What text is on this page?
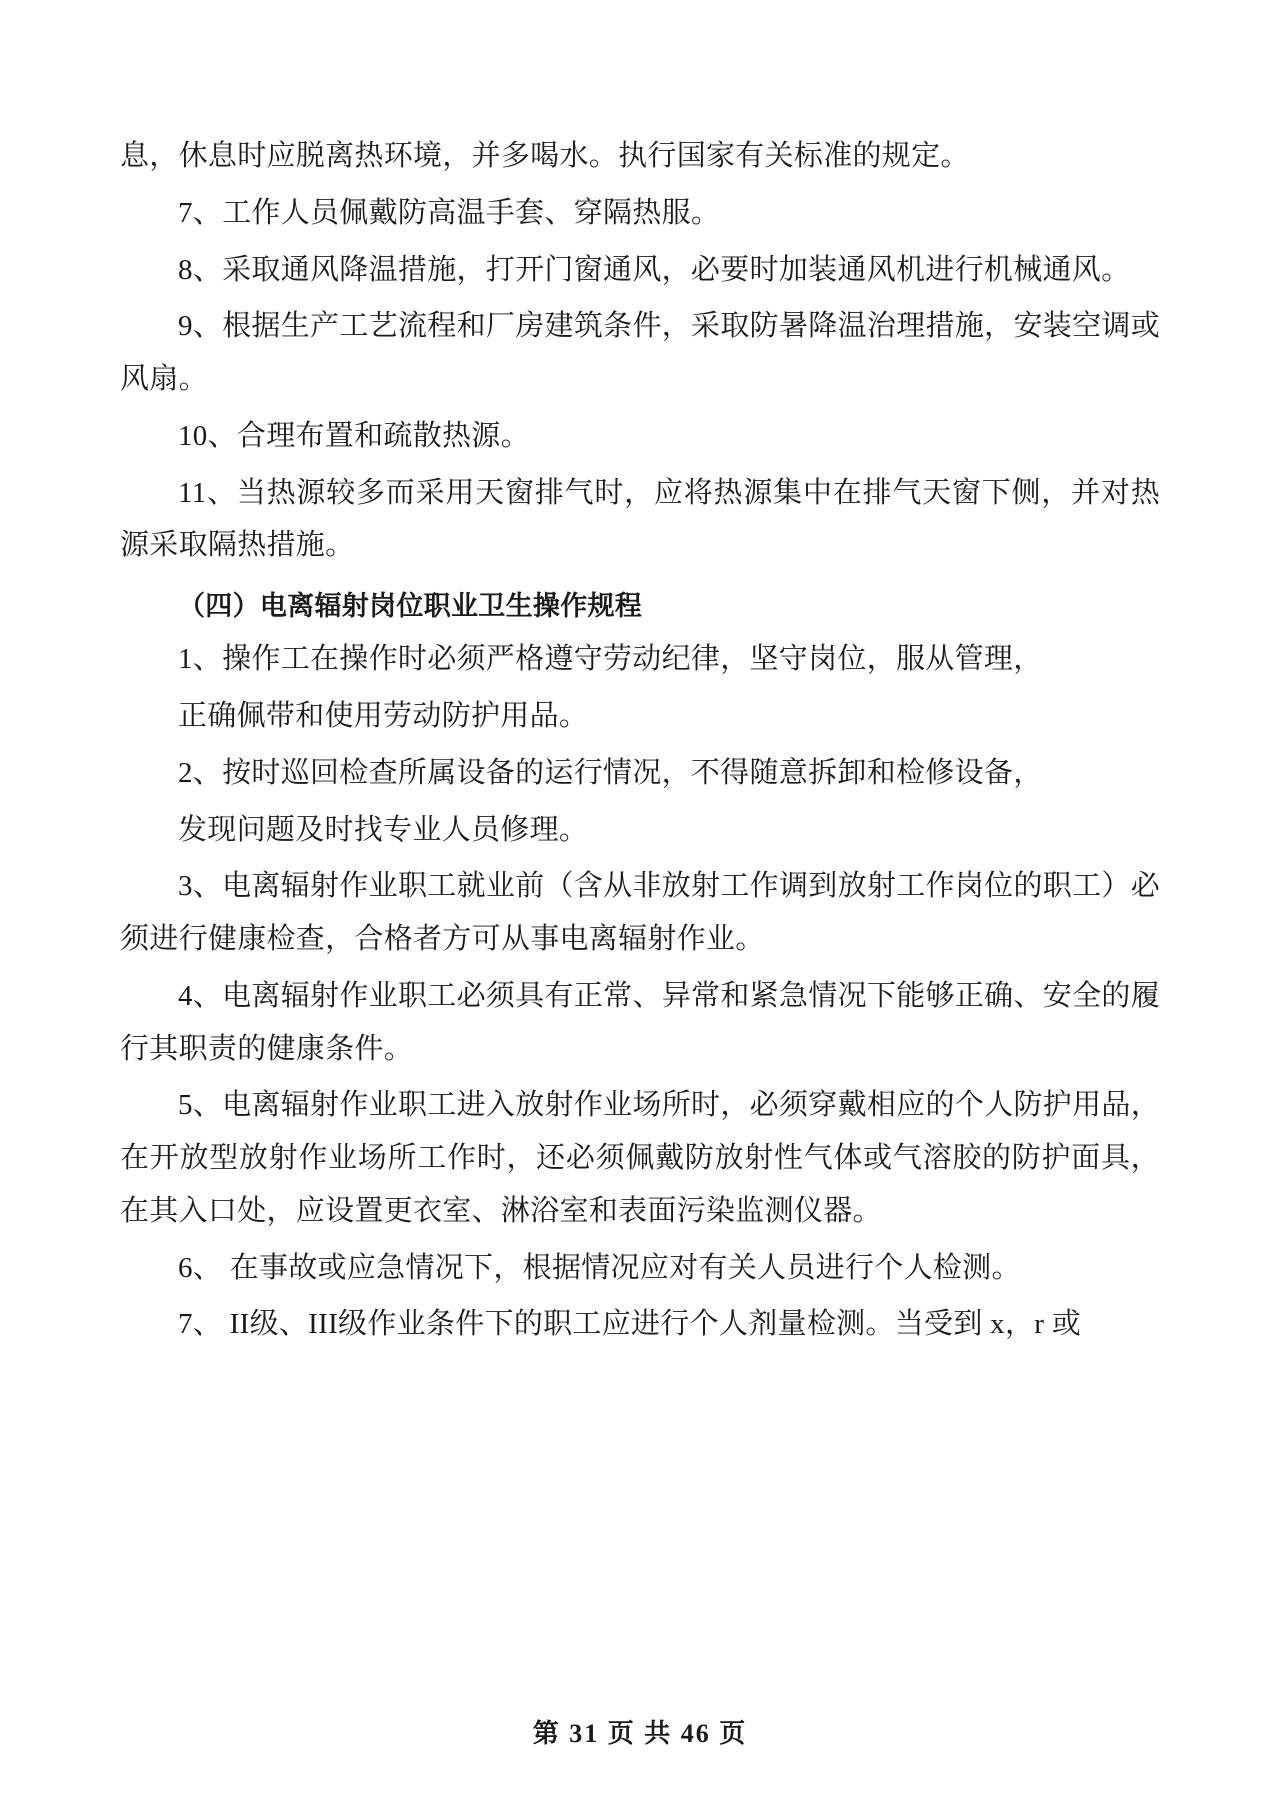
息，休息时应脱离热环境，并多喝水。执行国家有关标准的规定。

7、工作人员佩戴防高温手套、穿隔热服。

8、采取通风降温措施，打开门窗通风，必要时加装通风机进行机械通风。

9、根据生产工艺流程和厂房建筑条件，采取防暑降温治理措施，安装空调或风扇。

10、合理布置和疏散热源。

11、当热源较多而采用天窗排气时，应将热源集中在排气天窗下侧，并对热源采取隔热措施。

（四）电离辐射岗位职业卫生操作规程

1、操作工在操作时必须严格遵守劳动纪律，坚守岗位，服从管理，

正确佩带和使用劳动防护用品。

2、按时巡回检查所属设备的运行情况，不得随意拆卸和检修设备，

发现问题及时找专业人员修理。

3、电离辐射作业职工就业前（含从非放射工作调到放射工作岗位的职工）必须进行健康检查，合格者方可从事电离辐射作业。

4、电离辐射作业职工必须具有正常、异常和紧急情况下能够正确、安全的履行其职责的健康条件。

5、电离辐射作业职工进入放射作业场所时，必须穿戴相应的个人防护用品，在开放型放射作业场所工作时，还必须佩戴防放射性气体或气溶胶的防护面具，在其入口处，应设置更衣室、淋浴室和表面污染监测仪器。

6、 在事故或应急情况下，根据情况应对有关人员进行个人检测。

7、 II级、III级作业条件下的职工应进行个人剂量检测。当受到 x，r 或

第 31 页 共 46 页
